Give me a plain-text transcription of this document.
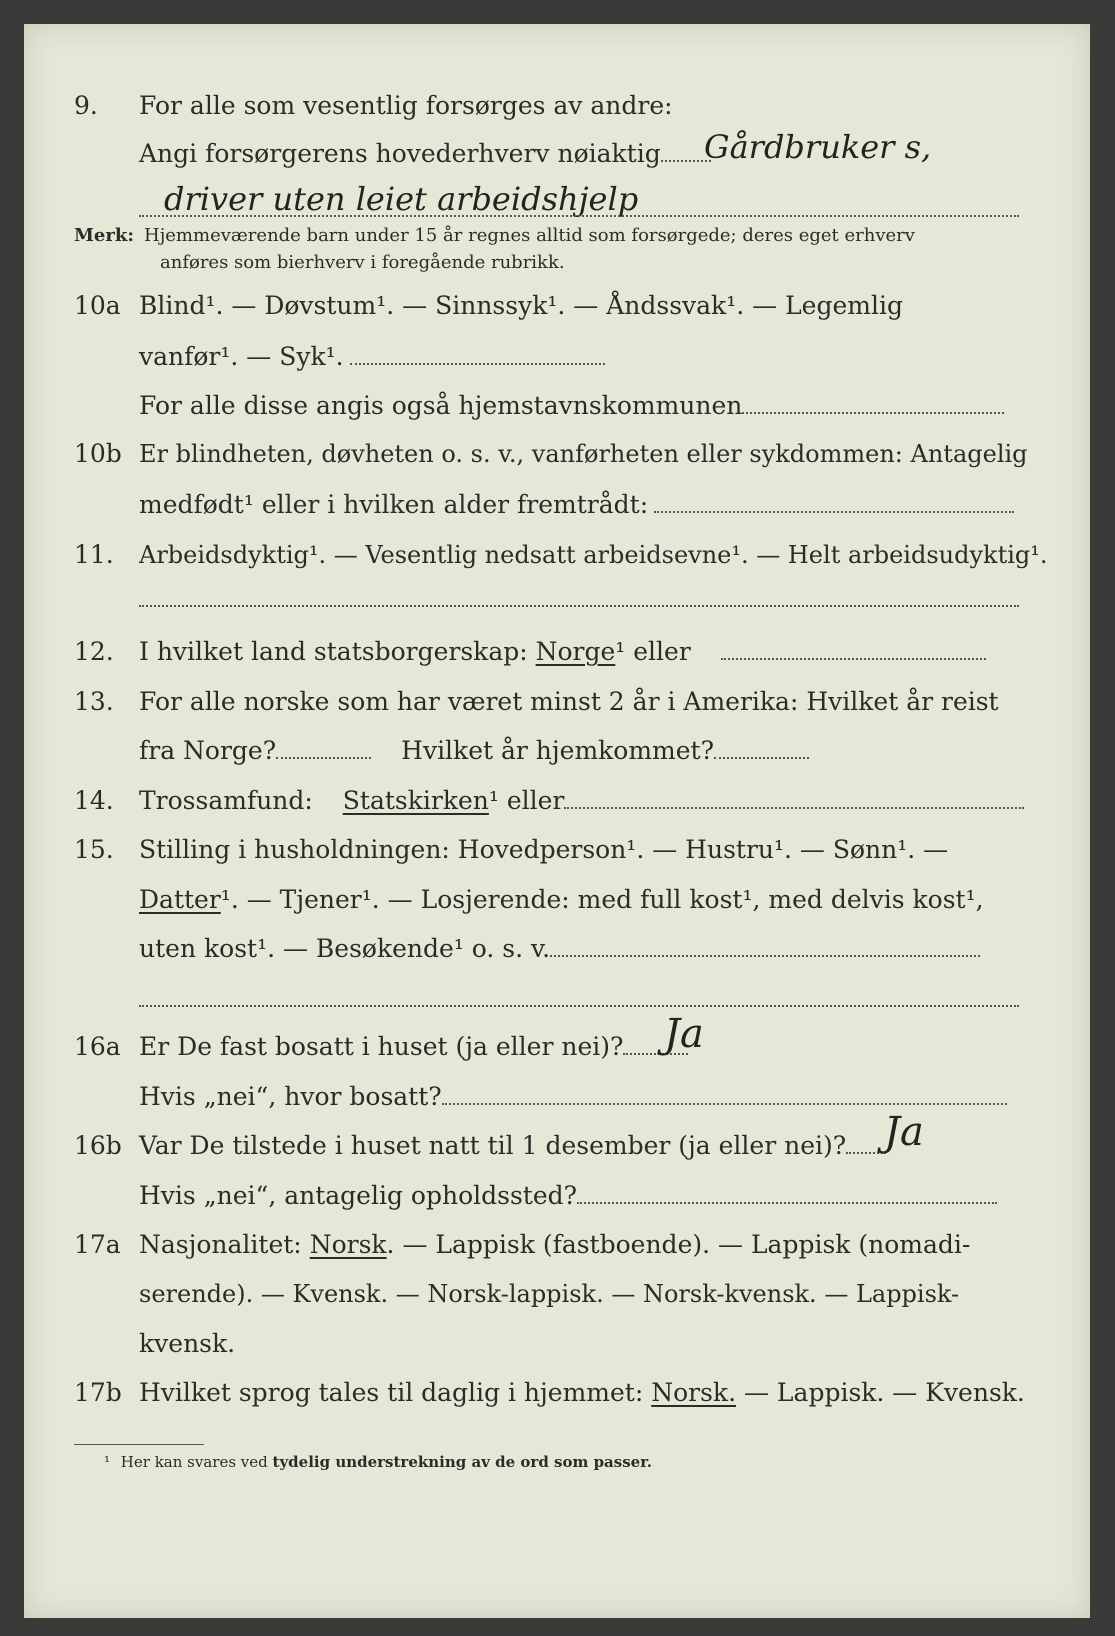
9. For alle som vesentlig forsørges av andre:
Angi forsørgerens hovederhverv nøiaktig	Gårdbruker s,
driver uten leiet arbeidshjelp
Merk: Hjemmeværende barn under 15 år regnes alltid som forsørgede; deres eget erhverv
anføres som bierhverv i foregående rubrikk.
10a Blind¹. — Døvstum¹. — Sinnssyk¹. — Åndssvak¹. — Legemlig
vanfør¹. — Syk¹.
For alle disse angis også hjemstavnskommunen
10b Er blindheten, døvheten o. s. v., vanførheten eller sykdommen: Antagelig
medfødt¹ eller i hvilken alder fremtrådt:
11. Arbeidsdyktig¹. — Vesentlig nedsatt arbeidsevne¹. — Helt arbeidsudyktig¹.
12. I hvilket land statsborgerskap: Norge¹ eller
13. For alle norske som har været minst 2 år i Amerika: Hvilket år reist
fra Norge?	Hvilket år hjemkommet?
14. Trossamfund: Statskirken¹ eller
15. Stilling i husholdningen: Hovedperson¹. — Hustru¹. — Sønn¹. —
Datter¹. — Tjener¹. — Losjerende: med full kost¹, med delvis kost¹,
uten kost¹. — Besøkende¹ o. s. v.
16a Er De fast bosatt i huset (ja eller nei)?	Ja
Hvis „nei“, hvor bosatt?
16b Var De tilstede i huset natt til 1 desember (ja eller nei)? Ja
Hvis „nei“, antagelig opholdssted?
17a Nasjonalitet: Norsk. — Lappisk (fastboende). — Lappisk (nomadi-
serende). — Kvensk. — Norsk-lappisk. — Norsk-kvensk. — Lappisk-
kvensk.
17b Hvilket sprog tales til daglig i hjemmet: Norsk. — Lappisk. — Kvensk.
¹ Her kan svares ved tydelig understrekning av de ord som passer.
